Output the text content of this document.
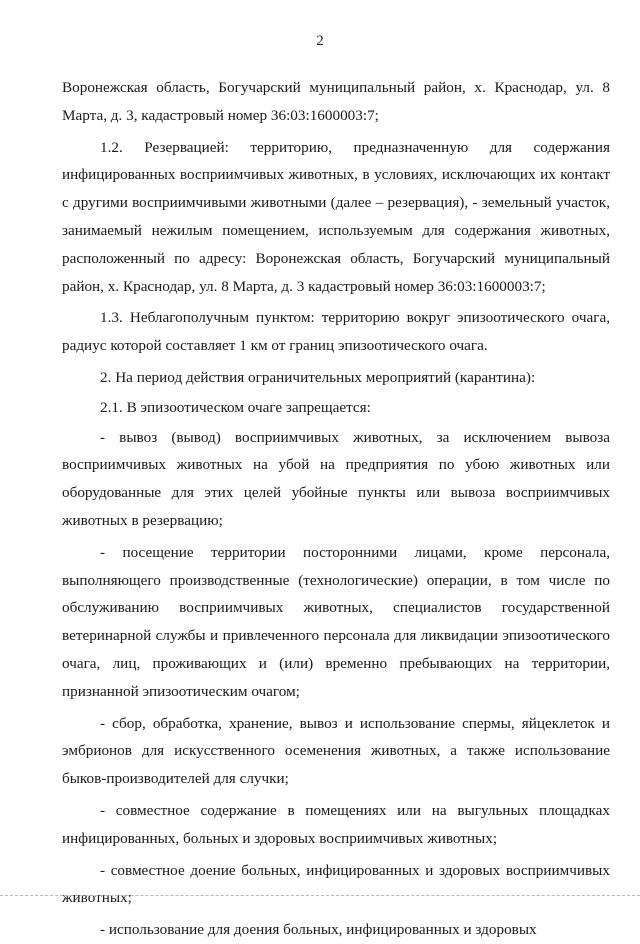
2

Воронежская область, Богучарский муниципальный район, х. Краснодар, ул. 8 Марта, д. 3, кадастровый номер 36:03:1600003:7;

1.2. Резервацией: территорию, предназначенную для содержания инфицированных восприимчивых животных, в условиях, исключающих их контакт с другими восприимчивыми животными (далее – резервация), - земельный участок, занимаемый нежилым помещением, используемым для содержания животных, расположенный по адресу: Воронежская область, Богучарский муниципальный район, х. Краснодар, ул. 8 Марта, д. 3 кадастровый номер 36:03:1600003:7;

1.3. Неблагополучным пунктом: территорию вокруг эпизоотического очага, радиус которой составляет 1 км от границ эпизоотического очага.

2. На период действия ограничительных мероприятий (карантина):

2.1. В эпизоотическом очаге запрещается:

- вывоз (вывод) восприимчивых животных, за исключением вывоза восприимчивых животных на убой на предприятия по убою животных или оборудованные для этих целей убойные пункты или вывоза восприимчивых животных в резервацию;

- посещение территории посторонними лицами, кроме персонала, выполняющего производственные (технологические) операции, в том числе по обслуживанию восприимчивых животных, специалистов государственной ветеринарной службы и привлеченного персонала для ликвидации эпизоотического очага, лиц, проживающих и (или) временно пребывающих на территории, признанной эпизоотическим очагом;

- сбор, обработка, хранение, вывоз и использование спермы, яйцеклеток и эмбрионов для искусственного осеменения животных, а также использование быков-производителей для случки;

- совместное содержание в помещениях или на выгульных площадках инфицированных, больных и здоровых восприимчивых животных;

- совместное доение больных, инфицированных и здоровых восприимчивых животных;

- использование для доения больных, инфицированных и здоровых
